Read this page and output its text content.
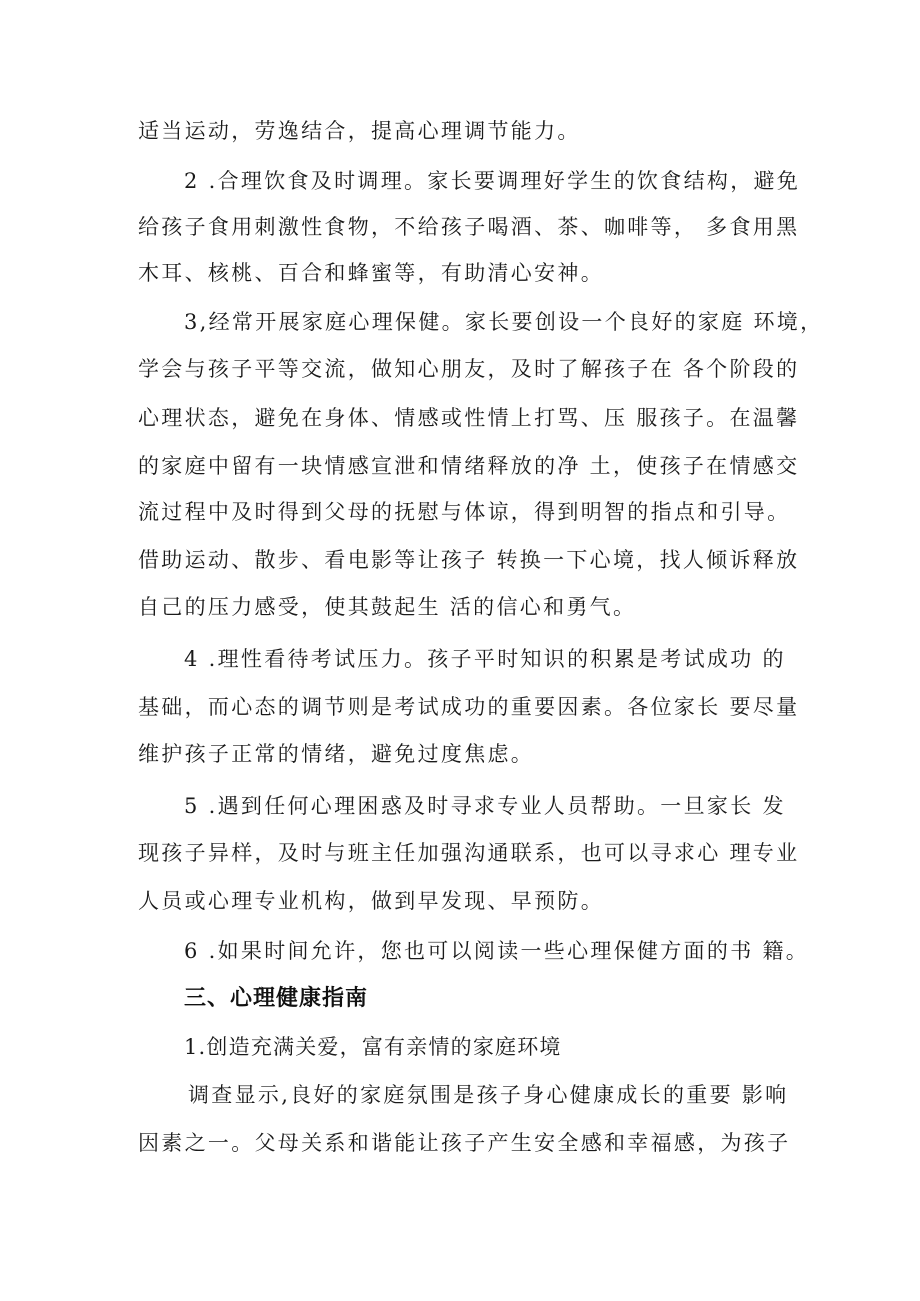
适当运动，劳逸结合，提高心理调节能力。
2 .合理饮食及时调理。家长要调理好学生的饮食结构，避免
给孩子食用刺激性食物，不给孩子喝酒、茶、咖啡等， 多食用黑
木耳、核桃、百合和蜂蜜等，有助清心安神。
3,经常开展家庭心理保健。家长要创设一个良好的家庭 环境，
学会与孩子平等交流，做知心朋友，及时了解孩子在 各个阶段的
心理状态，避免在身体、情感或性情上打骂、压 服孩子。在温馨
的家庭中留有一块情感宣泄和情绪释放的净 土，使孩子在情感交
流过程中及时得到父母的抚慰与体谅，得到明智的指点和引导。
借助运动、散步、看电影等让孩子 转换一下心境，找人倾诉释放
自己的压力感受，使其鼓起生 活的信心和勇气。
4 .理性看待考试压力。孩子平时知识的积累是考试成功 的
基础，而心态的调节则是考试成功的重要因素。各位家长 要尽量
维护孩子正常的情绪，避免过度焦虑。
5 .遇到任何心理困惑及时寻求专业人员帮助。一旦家长 发
现孩子异样，及时与班主任加强沟通联系，也可以寻求心 理专业
人员或心理专业机构，做到早发现、早预防。
6 .如果时间允许，您也可以阅读一些心理保健方面的书 籍。
三、心理健康指南
1.创造充满关爱，富有亲情的家庭环境
调查显示,良好的家庭氛围是孩子身心健康成长的重要 影响
因素之一。父母关系和谐能让孩子产生安全感和幸福感，为孩子
